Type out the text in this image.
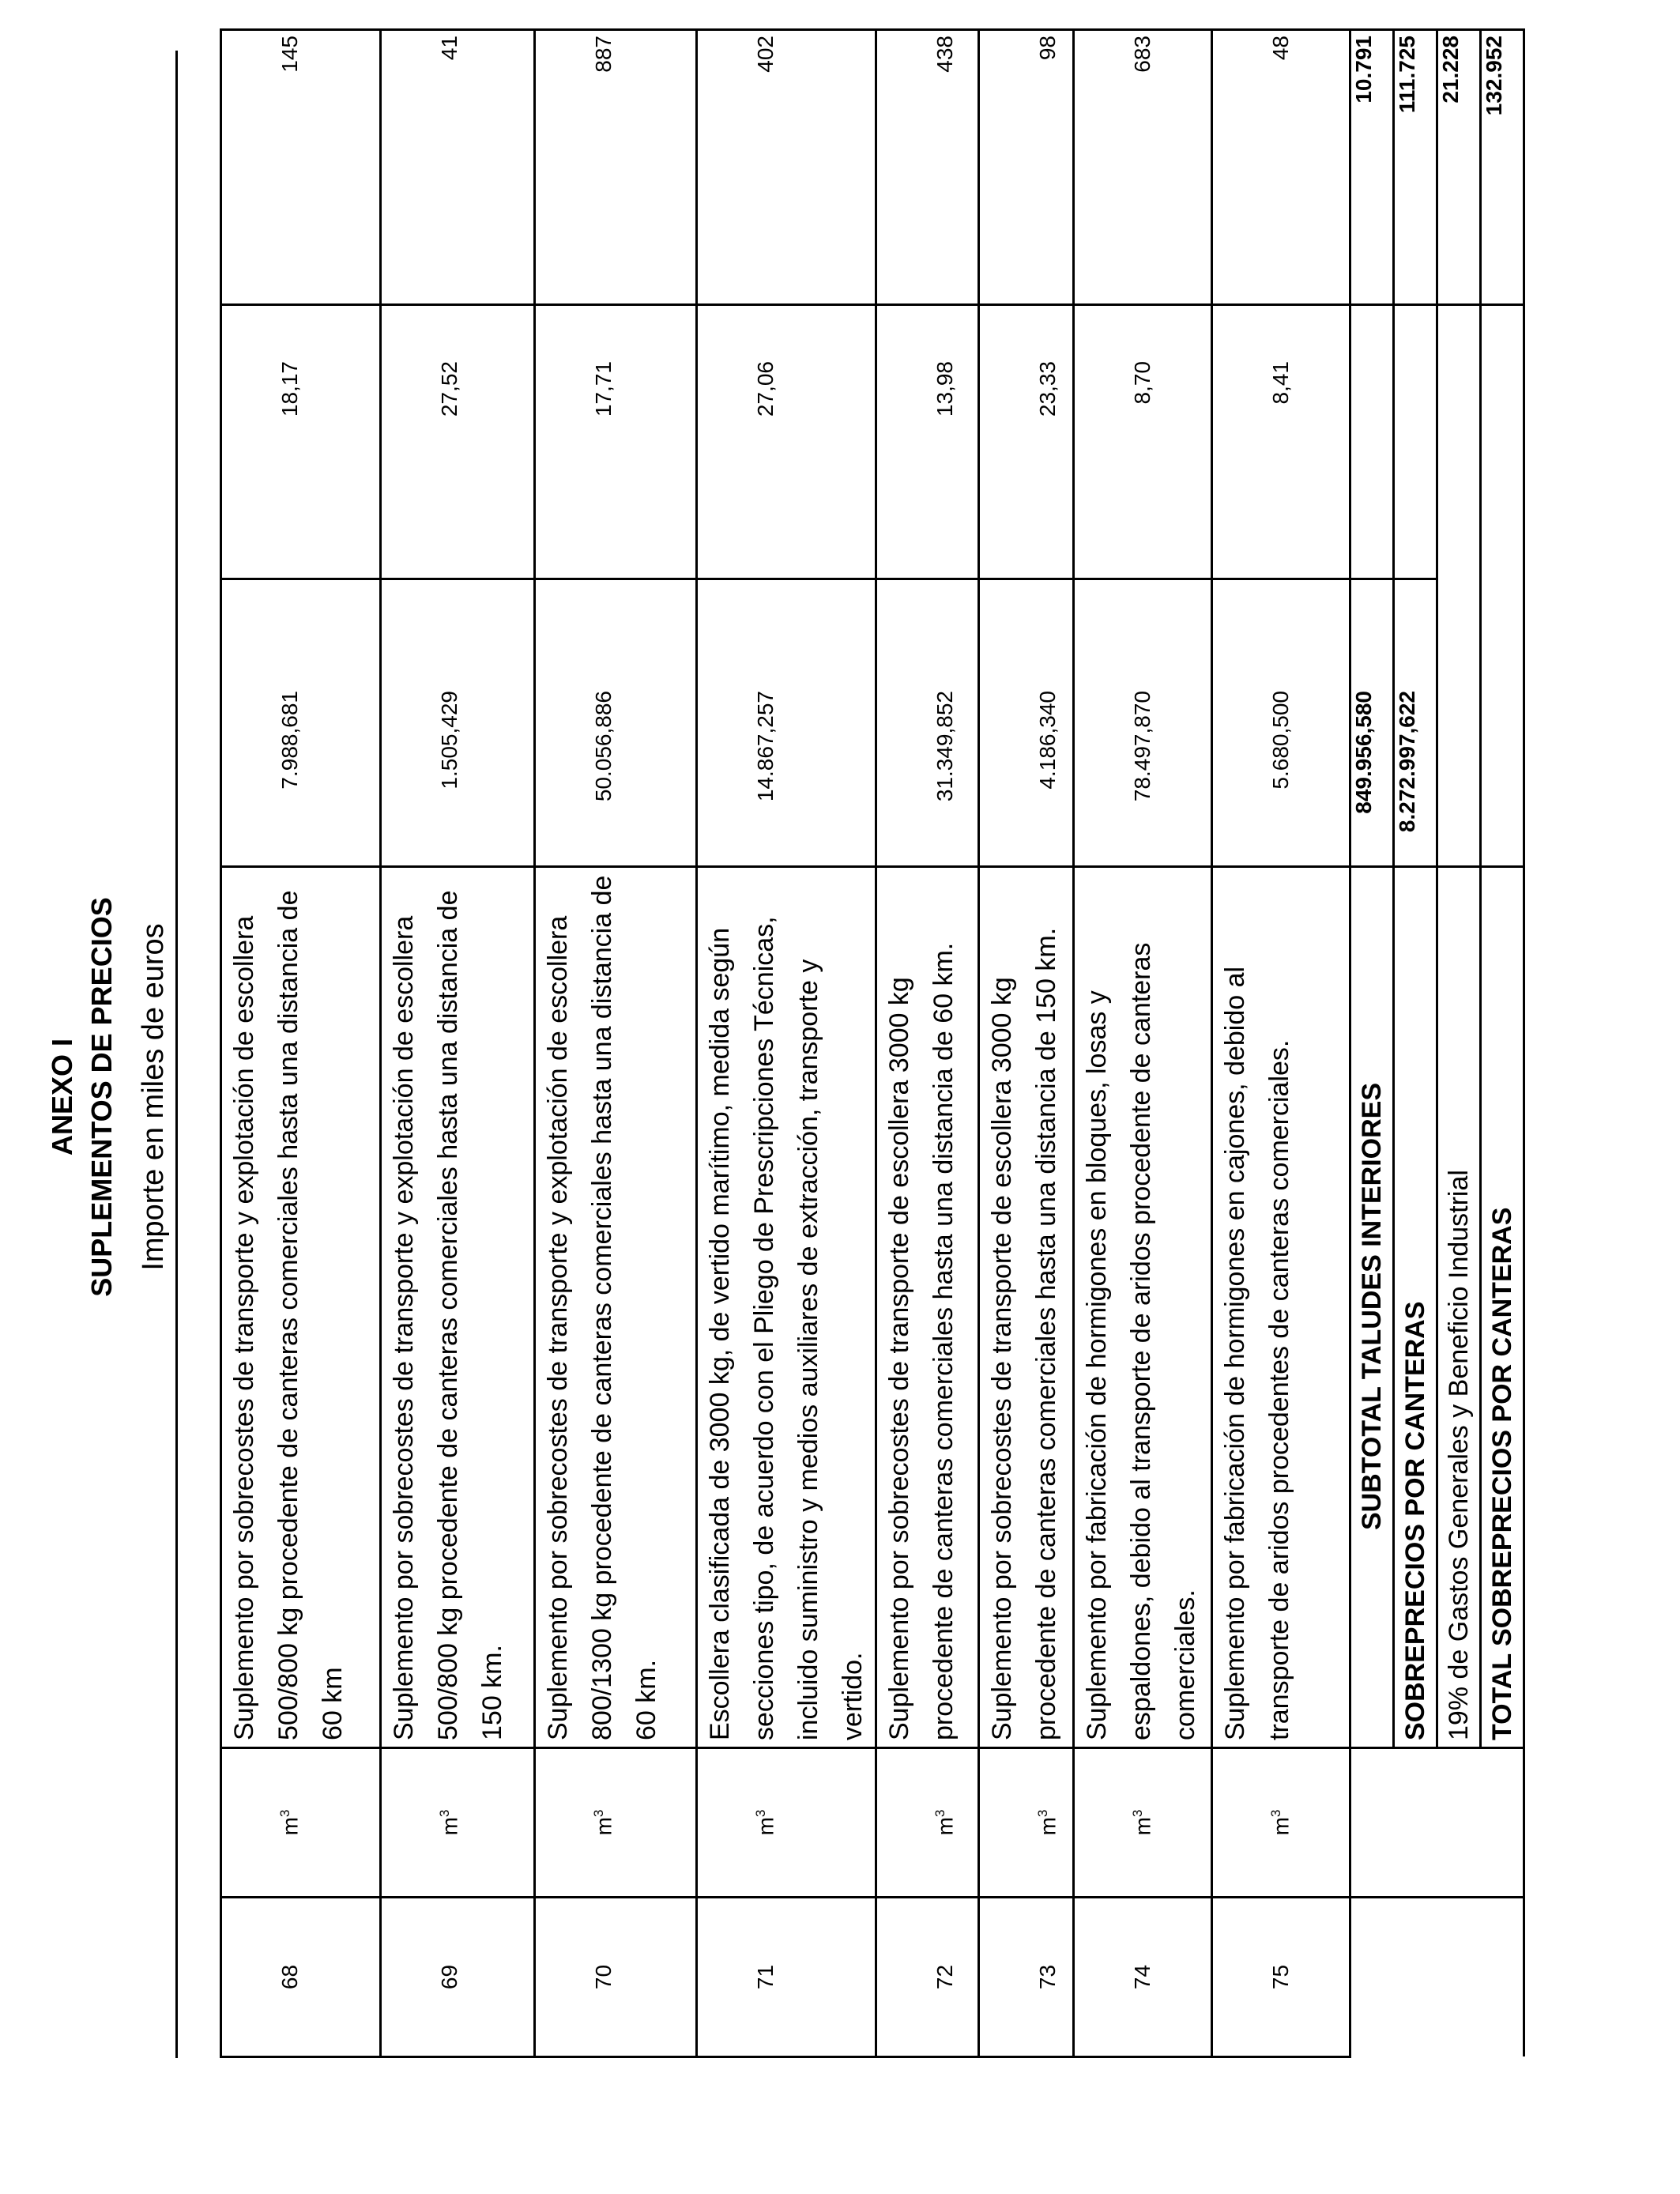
ANEXO I SUPLEMENTOS DE PRECIOS Importe en miles de euros
68	$m^3$	Suplemento por sobrecostes de transporte y explotación de escollera 500/800 kg procedente de canteras comerciales hasta una distancia de 60 km	7.988,681	18,17	145
69	$m^3$	Suplemento por sobrecostes de transporte y explotación de escollera 500/800 kg procedente de canteras comerciales hasta una distancia de 150 km.	1.505,429	27,52	41
70	$m^3$	Suplemento por sobrecostes de transporte y explotación de escollera 800/1300 kg procedente de canteras comerciales hasta una distancia de 60 km.	50.056,886	17,71	887
71	$m^3$	Escollera clasificada de 3000 kg, de vertido marítimo, medida según secciones tipo, de acuerdo con el Pliego de Prescripciones Técnicas, incluido suministro y medios auxiliares de extracción, transporte y vertido.	14.867,257	27,06	402
72	$m^3$	Suplemento por sobrecostes de transporte de escollera 3000 kg procedente de canteras comerciales hasta una distancia de 60 km.	31.349,852	13,98	438
73	$m^3$	Suplemento por sobrecostes de transporte de escollera 3000 kg procedente de canteras comerciales hasta una distancia de 150 km.	4.186,340	23,33	98
74	$m^3$	Suplemento por fabricación de hormigones en bloques, losas y espaldones, debido al transporte de aridos procedente de canteras comerciales.	78.497,870	8,70	683
75	$m^3$	Suplemento por fabricación de hormigones en cajones, debido al transporte de aridos procedentes de canteras comerciales.	5.680,500	8,41	48
		SUBTOTAL TALUDES INTERIORES	849.956,580		10.791
		SOBREPRECIOS POR CANTERAS	8.272.997,622		111.725
		19% de Gastos Generales y Beneficio Industrial			21.228
		TOTAL SOBREPRECIOS POR CANTERAS			132.952
